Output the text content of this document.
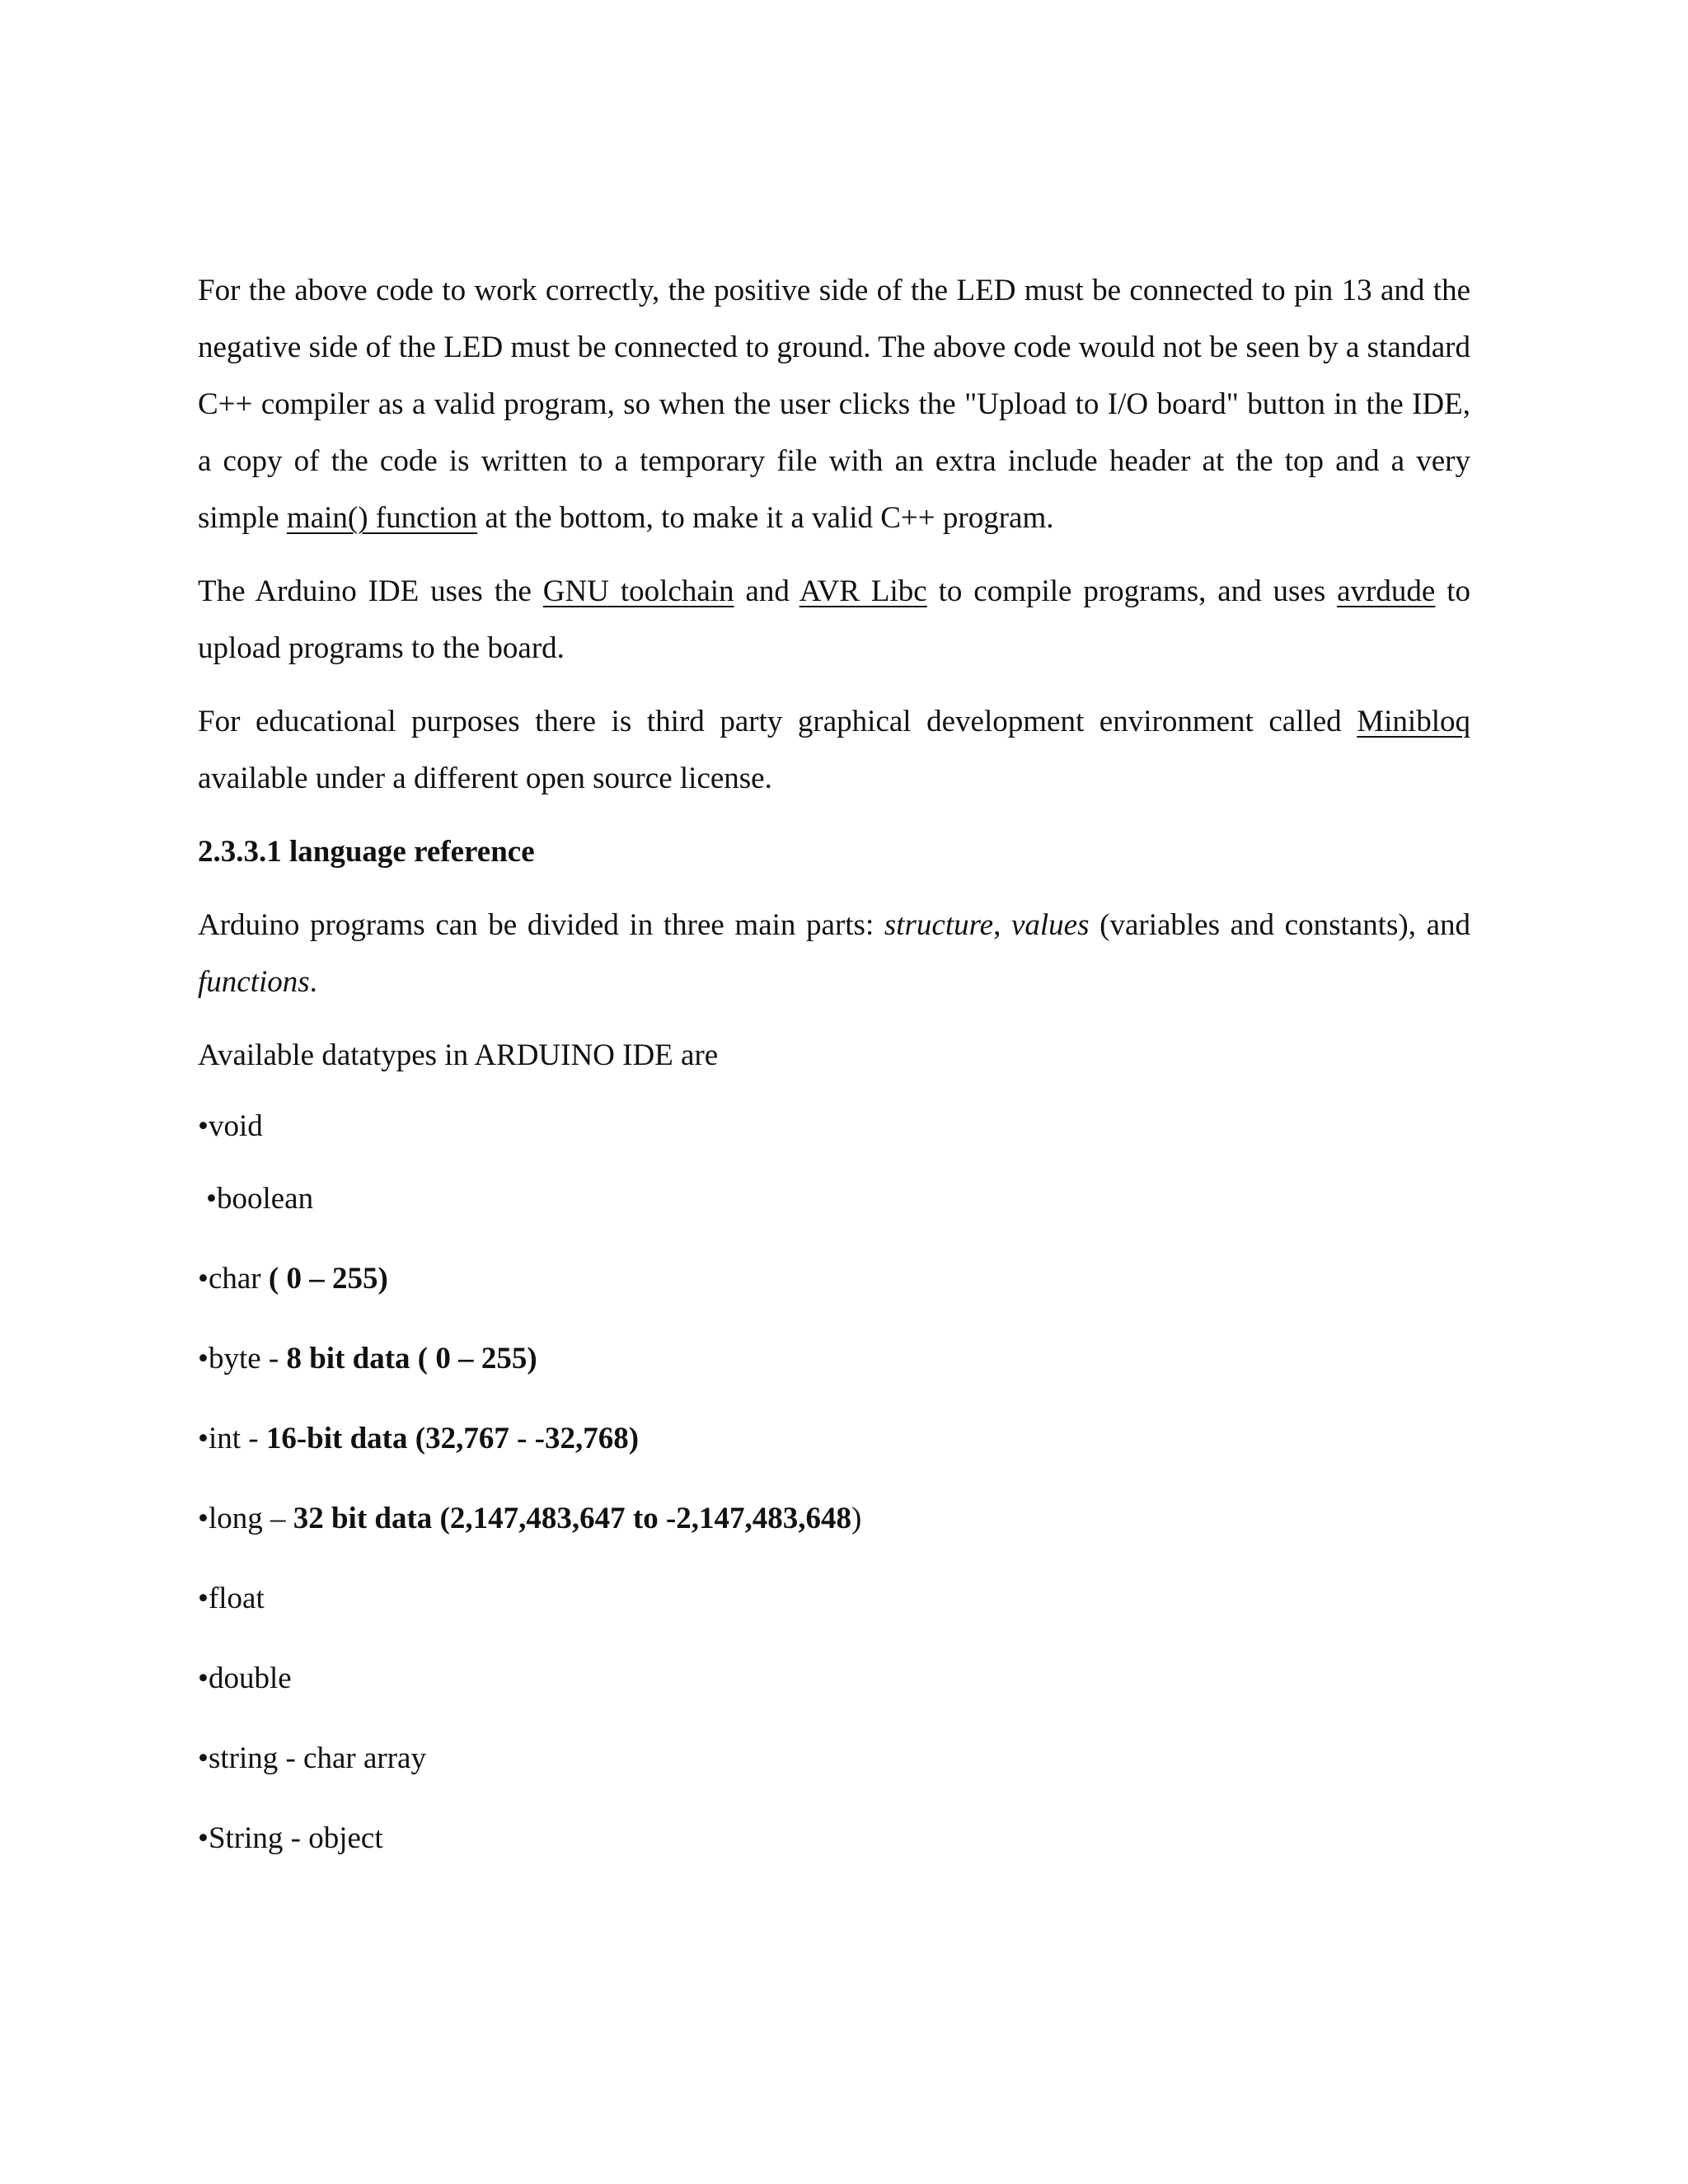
For the above code to work correctly, the positive side of the LED must be connected to pin 13 and the negative side of the LED must be connected to ground. The above code would not be seen by a standard C++ compiler as a valid program, so when the user clicks the "Upload to I/O board" button in the IDE, a copy of the code is written to a temporary file with an extra include header at the top and a very simple main() function at the bottom, to make it a valid C++ program.

The Arduino IDE uses the GNU toolchain and AVR Libc to compile programs, and uses avrdude to upload programs to the board.

For educational purposes there is third party graphical development environment called Minibloq available under a different open source license.

2.3.3.1 language reference

Arduino programs can be divided in three main parts: structure, values (variables and constants), and functions.

Available datatypes in ARDUINO IDE are

•void
•boolean
•char ( 0 – 255)
•byte - 8 bit data ( 0 – 255)
•int - 16-bit data (32,767 - -32,768)
•long – 32 bit data (2,147,483,647 to -2,147,483,648)
•float
•double
•string - char array
•String - object
